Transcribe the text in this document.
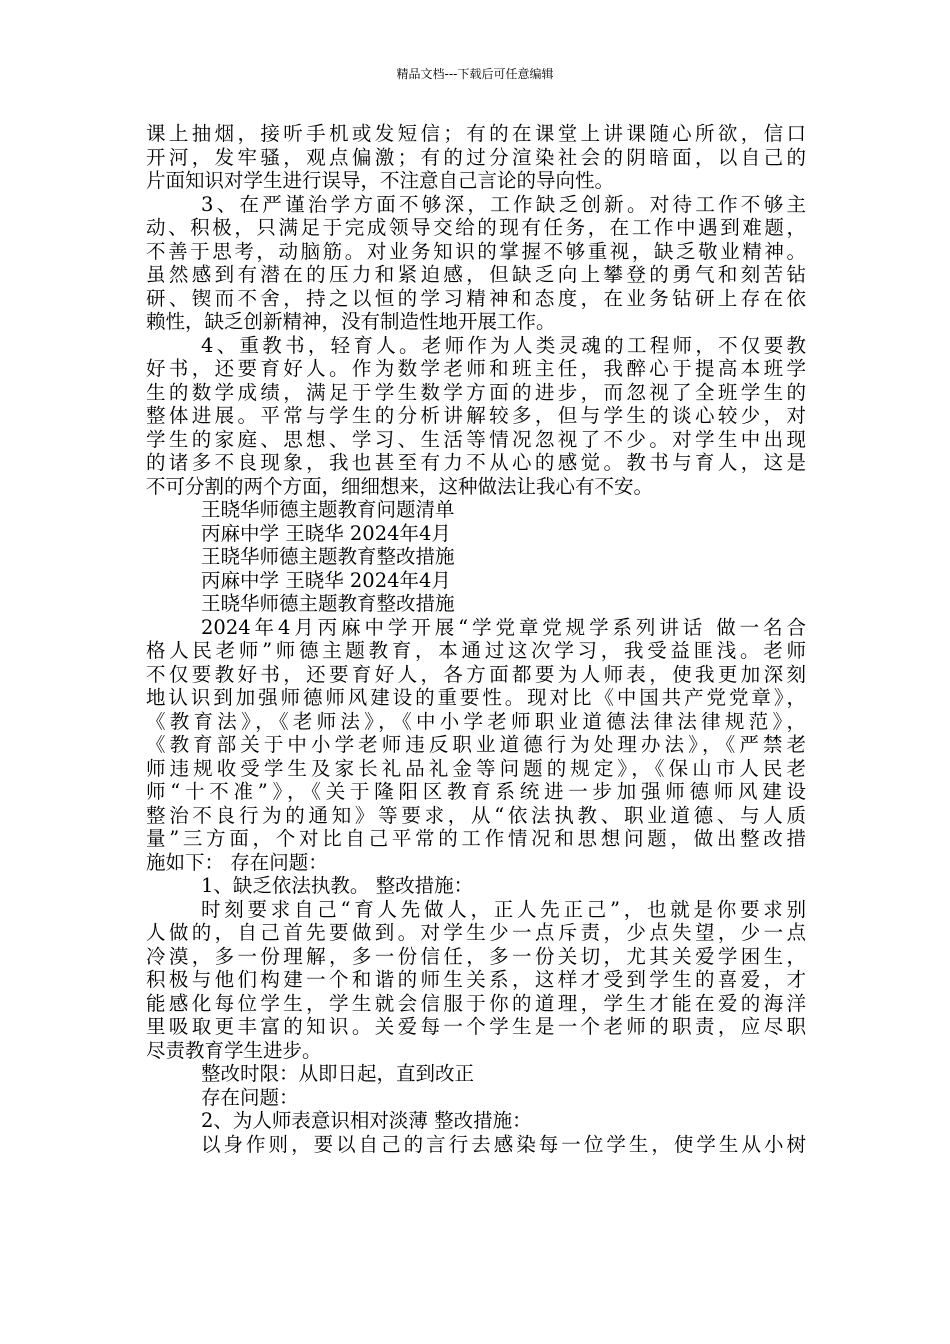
精品文档---下载后可任意编辑
课上抽烟，接听手机或发短信；有的在课堂上讲课随心所欲，信口
开河，发牢骚，观点偏激；有的过分渲染社会的阴暗面，以自己的
片面知识对学生进行误导，不注意自己言论的导向性。
3、在严谨治学方面不够深，工作缺乏创新。对待工作不够主
动、积极，只满足于完成领导交给的现有任务，在工作中遇到难题，
不善于思考，动脑筋。对业务知识的掌握不够重视，缺乏敬业精神。
虽然感到有潜在的压力和紧迫感，但缺乏向上攀登的勇气和刻苦钻
研、锲而不舍，持之以恒的学习精神和态度，在业务钻研上存在依
赖性，缺乏创新精神，没有制造性地开展工作。
4、重教书，轻育人。老师作为人类灵魂的工程师，不仅要教
好书，还要育好人。作为数学老师和班主任，我醉心于提高本班学
生的数学成绩，满足于学生数学方面的进步，而忽视了全班学生的
整体进展。平常与学生的分析讲解较多，但与学生的谈心较少，对
学生的家庭、思想、学习、生活等情况忽视了不少。对学生中出现
的诸多不良现象，我也甚至有力不从心的感觉。教书与育人，这是
不可分割的两个方面，细细想来，这种做法让我心有不安。
王晓华师德主题教育问题清单
丙麻中学 王晓华 2024年4月
王晓华师德主题教育整改措施
丙麻中学 王晓华 2024年4月
王晓华师德主题教育整改措施
2024年4月丙麻中学开展“学党章党规学系列讲话 做一名合
格人民老师”师德主题教育，本通过这次学习，我受益匪浅。老师
不仅要教好书，还要育好人，各方面都要为人师表，使我更加深刻
地认识到加强师德师风建设的重要性。现对比《中国共产党党章》，
《教育法》，《老师法》，《中小学老师职业道德法律法律规范》，
《教育部关于中小学老师违反职业道德行为处理办法》，《严禁老
师违规收受学生及家长礼品礼金等问题的规定》，《保山市人民老
师“十不准”》，《关于隆阳区教育系统进一步加强师德师风建设
整治不良行为的通知》等要求，从“依法执教、职业道德、与人质
量”三方面，个对比自己平常的工作情况和思想问题，做出整改措
施如下： 存在问题：
1、缺乏依法执教。 整改措施：
时刻要求自己“育人先做人，正人先正己”，也就是你要求别
人做的，自己首先要做到。对学生少一点斥责，少点失望，少一点
冷漠，多一份理解，多一份信任，多一份关切，尤其关爱学困生，
积极与他们构建一个和谐的师生关系，这样才受到学生的喜爱，才
能感化每位学生，学生就会信服于你的道理，学生才能在爱的海洋
里吸取更丰富的知识。关爱每一个学生是一个老师的职责，应尽职
尽责教育学生进步。
整改时限：从即日起，直到改正
存在问题：
2、为人师表意识相对淡薄 整改措施：
以身作则，要以自己的言行去感染每一位学生，使学生从小树
